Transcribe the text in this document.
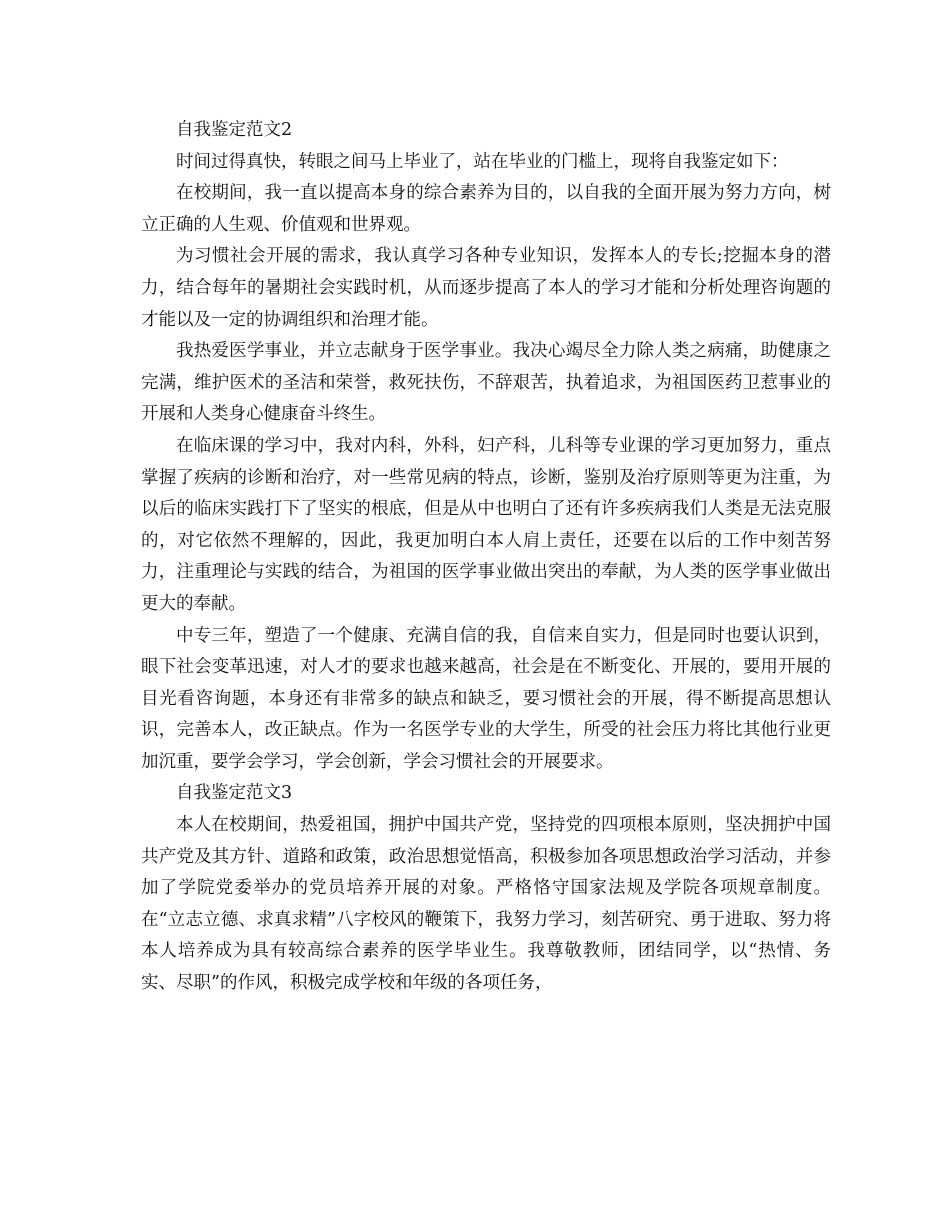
自我鉴定范文2

时间过得真快，转眼之间马上毕业了，站在毕业的门槛上，现将自我鉴定如下：

在校期间，我一直以提高本身的综合素养为目的，以自我的全面开展为努力方向，树立正确的人生观、价值观和世界观。

为习惯社会开展的需求，我认真学习各种专业知识，发挥本人的专长;挖掘本身的潜力，结合每年的暑期社会实践时机，从而逐步提高了本人的学习才能和分析处理咨询题的才能以及一定的协调组织和治理才能。

我热爱医学事业，并立志献身于医学事业。我决心竭尽全力除人类之病痛，助健康之完满，维护医术的圣洁和荣誉，救死扶伤，不辞艰苦，执着追求，为祖国医药卫惹事业的开展和人类身心健康奋斗终生。

在临床课的学习中，我对内科，外科，妇产科，儿科等专业课的学习更加努力，重点掌握了疾病的诊断和治疗，对一些常见病的特点，诊断，鉴别及治疗原则等更为注重，为以后的临床实践打下了坚实的根底，但是从中也明白了还有许多疾病我们人类是无法克服的，对它依然不理解的，因此，我更加明白本人肩上责任，还要在以后的工作中刻苦努力，注重理论与实践的结合，为祖国的医学事业做出突出的奉献，为人类的医学事业做出更大的奉献。

中专三年，塑造了一个健康、充满自信的我，自信来自实力，但是同时也要认识到，眼下社会变革迅速，对人才的要求也越来越高，社会是在不断变化、开展的，要用开展的目光看咨询题，本身还有非常多的缺点和缺乏，要习惯社会的开展，得不断提高思想认识，完善本人，改正缺点。作为一名医学专业的大学生，所受的社会压力将比其他行业更加沉重，要学会学习，学会创新，学会习惯社会的开展要求。

自我鉴定范文3

本人在校期间，热爱祖国，拥护中国共产党，坚持党的四项根本原则，坚决拥护中国共产党及其方针、道路和政策，政治思想觉悟高，积极参加各项思想政治学习活动，并参加了学院党委举办的党员培养开展的对象。严格恪守国家法规及学院各项规章制度。在“立志立德、求真求精”八字校风的鞭策下，我努力学习，刻苦研究、勇于进取、努力将本人培养成为具有较高综合素养的医学毕业生。我尊敬教师，团结同学，以“热情、务实、尽职”的作风，积极完成学校和年级的各项任务，
